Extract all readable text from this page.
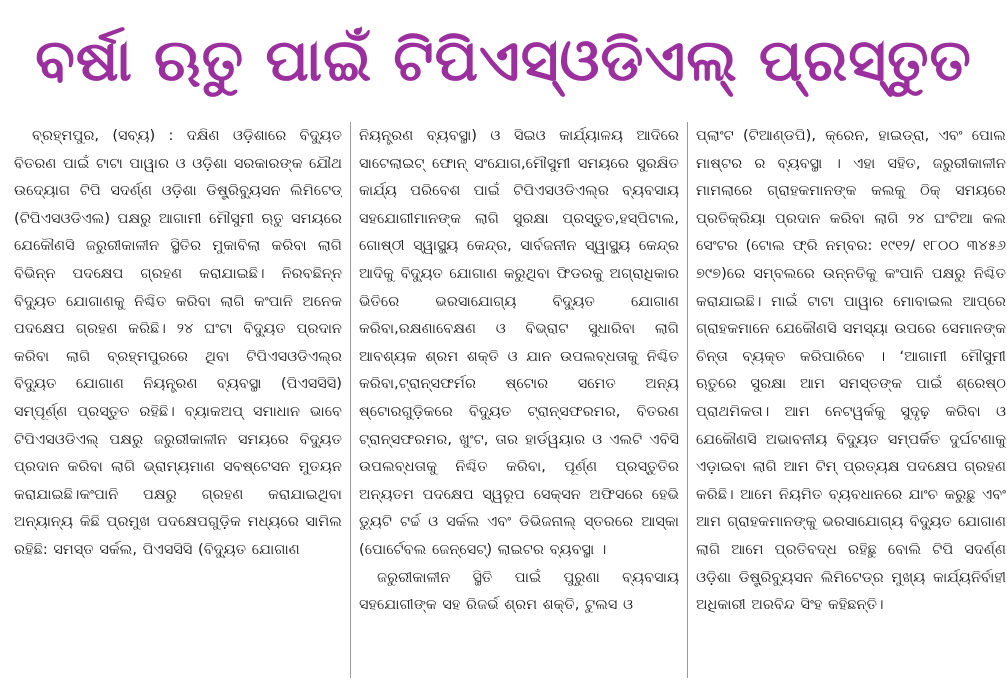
ବର୍ଷା ଋତୁ ପାଇଁ ଟିପିଏସ୍‌ଓଡିଏଲ୍ ପ୍ରସ୍ତୁତ

ବ୍ରହ୍ମପୁର, (ସବ୍ୟ) : ଦକ୍ଷିଣ ଓଡ଼ିଶାରେ ବିଦ୍ୟୁତ ବିତରଣ ପାଇଁ ଟାଟା ପାୱାର ଓ ଓଡ଼ିଶା ସରକାରଙ୍କ ଯୌଥ ଉଦ୍ୟୋଗ ଟିପି ସଦର୍ଣ୍ଣ ଓଡ଼ିଶା ଡିଷ୍ଟ୍ରିବ୍ୟୁସନ ଲିମିଟେଡ୍ (ଟିପିଏସଓଡିଏଲ) ପକ୍ଷରୁ ଆଗାମୀ ମୌସୁମୀ ଋତୁ ସମୟରେ ଯେକୌଣସି ଜରୁରୀକାଳୀନ ସ୍ଥିତିର ମୁକାବିଲା କରିବା ଲାଗି ବିଭିନ୍ନ ପଦକ୍ଷେପ ଗ୍ରହଣ କରାଯାଇଛି। ନିରବଛିନ୍ନ ବିଦ୍ୟୁତ ଯୋଗାଣକୁ ନିଶ୍ଚିତ କରିବା ଲାଗି କଂପାନି ଅନେକ ପଦକ୍ଷେପ ଗ୍ରହଣ କରିଛି। ୨୪ ଘଂଟା ବିଦ୍ୟୁତ ପ୍ରଦାନ କରିବା ଲାଗି ବ୍ରହ୍ମପୁରରେ ଥିବା ଟିପିଏସଓଡିଏଲ୍‌ର ବିଦ୍ୟୁତ ଯୋଗାଣ ନିୟନ୍ତ୍ରଣ ବ୍ୟବସ୍ଥା (ପିଏସସିସି) ସମ୍ପୂର୍ଣ୍ଣ ପ୍ରସ୍ତୁତ ରହିଛି। ବ୍ୟାକଅପ୍ ସମାଧାନ ଭାବେ ଟିପିଏସଓଡିଏଲ୍ ପକ୍ଷରୁ ଜରୁରୀକାଳୀନ ସମୟରେ ବିଦ୍ୟୁତ ପ୍ରଦାନ କରିବା ଲାଗି ଭ୍ରାମ୍ୟମାଣ ସବଷ୍ଟେସନ ମୁତୟନ କରାଯାଇଛି।କଂପାନି ପକ୍ଷରୁ ଗ୍ରହଣ କରାଯାଇଥିବା ଅନ୍ୟାନ୍ୟ କିଛି ପ୍ରମୁଖ ପଦକ୍ଷେପଗୁଡ଼ିକ ମଧ୍ୟରେ ସାମିଲ ରହିଛି: ସମସ୍ତ ସର୍କଲ, ପିଏସସିସି (ବିଦ୍ୟୁତ ଯୋଗାଣ

ନିୟନ୍ତ୍ରଣ ବ୍ୟବସ୍ଥା) ଓ ସିଇଓ କାର୍ଯ୍ୟାଳୟ ଆଦିରେ ସାଟେଲାଇଟ୍ ଫୋନ୍ ସଂଯୋଗ,ମୌସୁମୀ ସମୟରେ ସୁରକ୍ଷିତ କାର୍ଯ୍ୟ ପରିବେଶ ପାଇଁ ଟିପିଏସଓଡିଏଲ୍‌ର ବ୍ୟବସାୟ ସହଯୋଗୀମାନଙ୍କ ଲାଗି ସୁରକ୍ଷା ପ୍ରସ୍ତୁତ,ହସ୍ପିଟାଲ, ଗୋଷ୍ଠୀ ସ୍ୱାସ୍ଥ୍ୟ କେନ୍ଦ୍ର, ସାର୍ବଜନୀନ ସ୍ୱାସ୍ଥ୍ୟ କେନ୍ଦ୍ର ଆଦିକୁ ବିଦ୍ୟୁତ ଯୋଗାଣ କରୁଥିବା ଫିଡରକୁ ଅଗ୍ରାଧିକାର ଭିତିରେ ଭରସାଯୋଗ୍ୟ ବିଦ୍ୟୁତ ଯୋଗାଣ କରିବା,ରକ୍ଷଣାବେକ୍ଷଣ ଓ ବିଭ୍ରାଟ ସୁଧାରିବା ଲାଗି ଆବଶ୍ୟକ ଶ୍ରମ ଶକ୍ତି ଓ ଯାନ ଉପଲବ୍ଧତାକୁ ନିଶ୍ଚିତ କରିବା,ଟ୍ରାନ୍ସଫର୍ମର ଷ୍ଟୋର ସମେତ ଅନ୍ୟ ଷ୍ଟୋରଗୁଡ଼ିକରେ ବିଦ୍ୟୁତ ଟ୍ରାନ୍ସଫରମର, ବିତରଣ ଟ୍ରାନ୍ସଫରମର, ଖୁଂଟ, ତାର ହାର୍ଡୱୟାର ଓ ଏଲଟି ଏବିସି ଉପଲବ୍ଧତାକୁ ନିଶ୍ଚିତ କରିବା, ପୂର୍ଣ୍ଣ ପ୍ରସ୍ତୁତିର ଅନ୍ୟତମ ପଦକ୍ଷେପ ସ୍ୱରୂପ ସେକ୍ସନ ଅଫିସରେ ହେଭି ଡ୍ୟୁଟି ଟର୍ଚ୍ଚ ଓ ସର୍କଲ ଏବଂ ଡିଭିଜନାଲ୍ ସ୍ତରରେ ଆସ୍କା (ପୋର୍ଟେବଲ ଜେନ୍‌ସେଟ୍) ଲାଇଟର ବ୍ୟବସ୍ଥା ।

ଜରୁରୀକାଳୀନ ସ୍ଥିତି ପାଇଁ ପୁରୁଣା ବ୍ୟବସାୟ ସହଯୋଗୀଙ୍କ ସହ ରିଜର୍ଭ ଶ୍ରମ ଶକ୍ତି, ଟୁଲସ ଓ

ପ୍ଲାଂଟ (ଟିଆଣ୍ଡପି), କ୍ରେନ, ହାଇଡ୍ରା, ଏବଂ ପୋଲ ମାଷ୍ଟର ର ବ୍ୟବସ୍ଥା । ଏହା ସହିତ, ଜରୁରୀକାଳୀନ ମାମଲାରେ ଗ୍ରାହକମାନଙ୍କ କଲକୁ ଠିକ୍ ସମୟରେ ପ୍ରତିକ୍ରିୟା ପ୍ରଦାନ କରିବା ଲାଗି ୨୪ ଘଂଟିଆ କଲ ସେଂଟର (ଟୋଲ ଫ୍ରି ନମ୍ବର: ୧୯୧୨/ ୧୮୦୦ ୩୪୫୬ ୭୯୭)ରେ ସମ୍ବଲରେ ଉନ୍ନତିକୁ କଂପାନି ପକ୍ଷରୁ ନିଶ୍ଚିତ କରାଯାଇଛି। ମାଇଁ ଟାଟା ପାୱାର ମୋବାଇଲ ଆପ୍‌ରେ ଗ୍ରାହକମାନେ ଯେକୌଣସି ସମସ୍ୟା ଉପରେ ସେମାନଙ୍କ ଚିନ୍ତା ବ୍ୟକ୍ତ କରିପାରିବେ । ‘ଆଗାମୀ ମୌସୁମୀ ଋତୁରେ ସୁରକ୍ଷା ଆମ ସମସ୍ତଙ୍କ ପାଇଁ ଶ୍ରେଷ୍ଠ ପ୍ରାଥମିକତା। ଆମ ନେଟୱର୍କକୁ ସୁଦୃଢ଼ କରିବା ଓ ଯେକୌଣସି ଅଭାବନୀୟ ବିଦ୍ୟୁତ ସମ୍ପର୍କିତ ଦୁର୍ଘଟଣାକୁ ଏଡ଼ାଇବା ଲାଗି ଆମ ଟିମ୍ ପ୍ରତ୍ୟକ୍ଷ ପଦକ୍ଷେପ ଗ୍ରହଣ କରିଛି। ଆମେ ନିୟମିତ ବ୍ୟବଧାନରେ ଯାଂଚ କରୁଛୁ ଏବଂ ଆମ ଗ୍ରାହକମାନଙ୍କୁ ଭରସାଯୋଗ୍ୟ ବିଦ୍ୟୁତ ଯୋଗାଣ ଲାଗି ଆମେ ପ୍ରତିବଦ୍ଧ ରହିଛୁ ବୋଲି ଟିପି ସଦର୍ଣ୍ଣ ଓଡ଼ିଶା ଡିଷ୍ଟ୍ରିବ୍ୟୁସନ ଲିମିଟେଡ୍‌ର ମୁଖ୍ୟ କାର୍ଯ୍ୟନିର୍ବାହୀ ଅଧିକାରୀ ଅରବିନ୍ଦ ସିଂହ କହିଛନ୍ତି।
